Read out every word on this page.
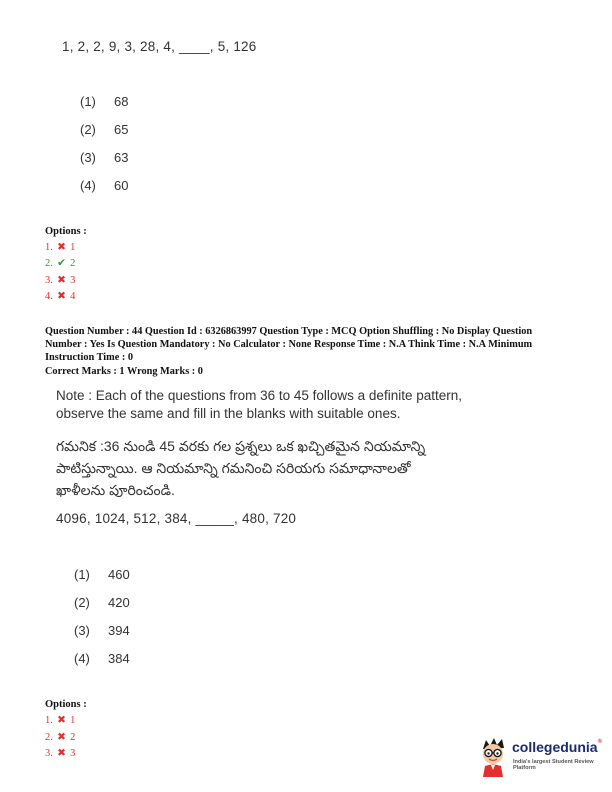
1, 2, 2, 9, 3, 28, 4, ____, 5, 126
(1) 68
(2) 65
(3) 63
(4) 60
Options :
1. ✖ 1
2. ✔ 2
3. ✖ 3
4. ✖ 4
Question Number : 44 Question Id : 6326863997 Question Type : MCQ Option Shuffling : No Display Question
Number : Yes Is Question Mandatory : No Calculator : None Response Time : N.A Think Time : N.A Minimum
Instruction Time : 0
Correct Marks : 1 Wrong Marks : 0
Note : Each of the questions from 36 to 45 follows a definite pattern,
observe the same and fill in the blanks with suitable ones.
గమనిక :36 నుండి 45 వరకు గల ప్రశ్నలు ఒక ఖచ్చితమైన నియమాన్ని
పాటిస్తున్నాయి. ఆ నియమాన్ని గమనించి సరియగు సమాధానాలతో
ఖాళీలను పూరించండి.
4096, 1024, 512, 384, _____, 480, 720
(1) 460
(2) 420
(3) 394
(4) 384
Options :
1. ✖ 1
2. ✖ 2
3. ✖ 3	collegedunia®
India's largest Student Review Platform
